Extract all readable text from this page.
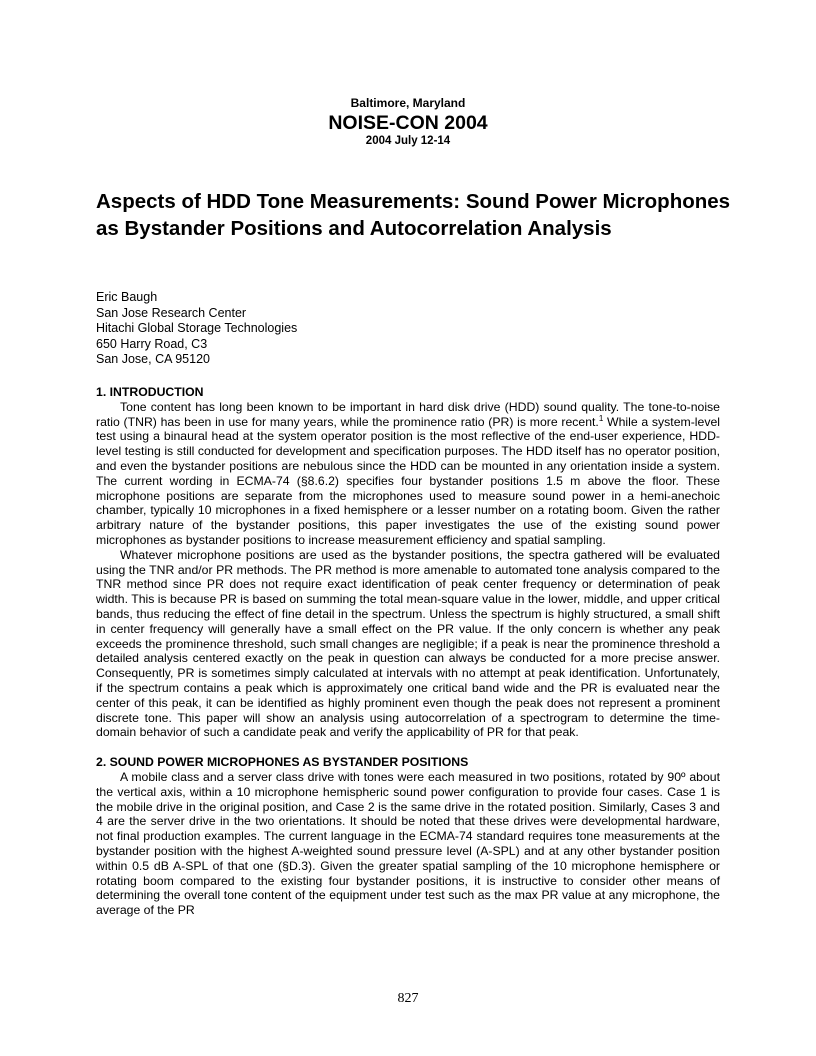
Baltimore, Maryland
NOISE-CON 2004
2004 July 12-14
Aspects of HDD Tone Measurements: Sound Power Microphones as Bystander Positions and Autocorrelation Analysis
Eric Baugh
San Jose Research Center
Hitachi Global Storage Technologies
650 Harry Road, C3
San Jose, CA 95120
1. INTRODUCTION

Tone content has long been known to be important in hard disk drive (HDD) sound quality. The tone-to-noise ratio (TNR) has been in use for many years, while the prominence ratio (PR) is more recent.$^1$ While a system-level test using a binaural head at the system operator position is the most reflective of the end-user experience, HDD-level testing is still conducted for development and specification purposes. The HDD itself has no operator position, and even the bystander positions are nebulous since the HDD can be mounted in any orientation inside a system. The current wording in ECMA-74 (§8.6.2) specifies four bystander positions 1.5 m above the floor. These microphone positions are separate from the microphones used to measure sound power in a hemi-anechoic chamber, typically 10 microphones in a fixed hemisphere or a lesser number on a rotating boom. Given the rather arbitrary nature of the bystander positions, this paper investigates the use of the existing sound power microphones as bystander positions to increase measurement efficiency and spatial sampling.

Whatever microphone positions are used as the bystander positions, the spectra gathered will be evaluated using the TNR and/or PR methods. The PR method is more amenable to automated tone analysis compared to the TNR method since PR does not require exact identification of peak center frequency or determination of peak width. This is because PR is based on summing the total mean-square value in the lower, middle, and upper critical bands, thus reducing the effect of fine detail in the spectrum. Unless the spectrum is highly structured, a small shift in center frequency will generally have a small effect on the PR value. If the only concern is whether any peak exceeds the prominence threshold, such small changes are negligible; if a peak is near the prominence threshold a detailed analysis centered exactly on the peak in question can always be conducted for a more precise answer. Consequently, PR is sometimes simply calculated at intervals with no attempt at peak identification. Unfortunately, if the spectrum contains a peak which is approximately one critical band wide and the PR is evaluated near the center of this peak, it can be identified as highly prominent even though the peak does not represent a prominent discrete tone. This paper will show an analysis using autocorrelation of a spectrogram to determine the time-domain behavior of such a candidate peak and verify the applicability of PR for that peak.

2. SOUND POWER MICROPHONES AS BYSTANDER POSITIONS

A mobile class and a server class drive with tones were each measured in two positions, rotated by 90º about the vertical axis, within a 10 microphone hemispheric sound power configuration to provide four cases. Case 1 is the mobile drive in the original position, and Case 2 is the same drive in the rotated position. Similarly, Cases 3 and 4 are the server drive in the two orientations. It should be noted that these drives were developmental hardware, not final production examples. The current language in the ECMA-74 standard requires tone measurements at the bystander position with the highest A-weighted sound pressure level (A-SPL) and at any other bystander position within 0.5 dB A-SPL of that one (§D.3). Given the greater spatial sampling of the 10 microphone hemisphere or rotating boom compared to the existing four bystander positions, it is instructive to consider other means of determining the overall tone content of the equipment under test such as the max PR value at any microphone, the average of the PR

827
